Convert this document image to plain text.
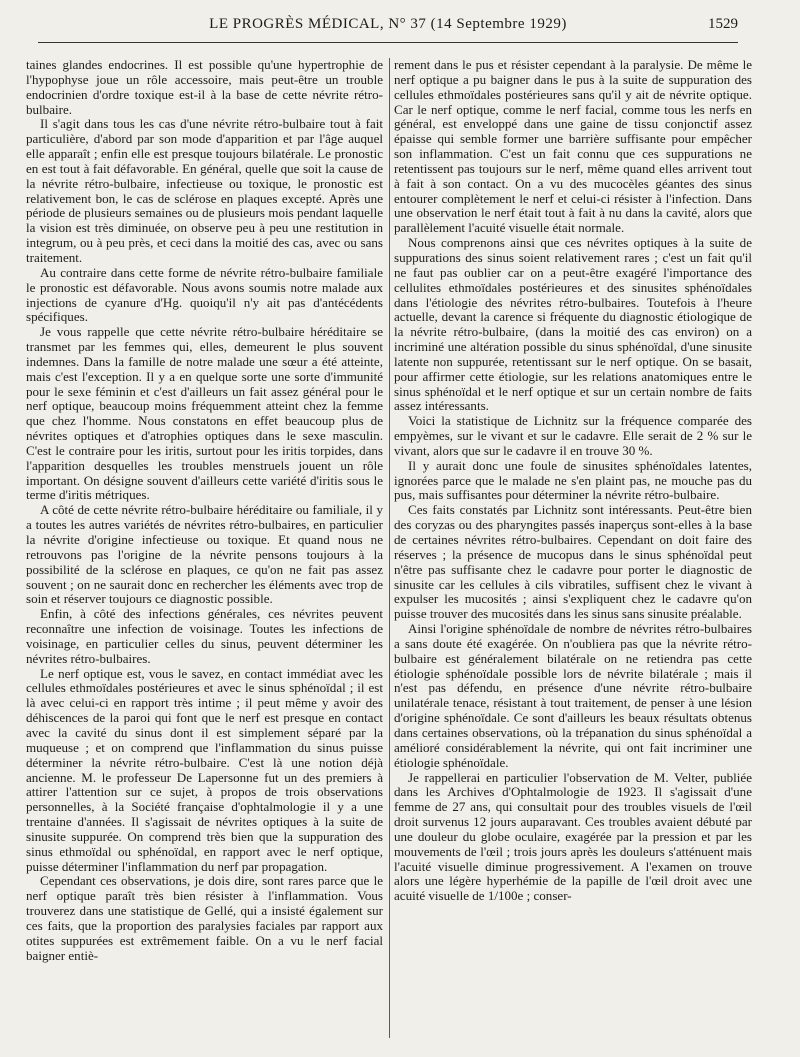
LE PROGRÈS MÉDICAL, N° 37 (14 Septembre 1929)	1529

taines glandes endocrines. Il est possible qu'une hypertrophie de l'hypophyse joue un rôle accessoire, mais peut-être un trouble endocrinien d'ordre toxique est-il à la base de cette névrite rétro-bulbaire.

Il s'agit dans tous les cas d'une névrite rétro-bulbaire tout à fait particulière, d'abord par son mode d'apparition et par l'âge auquel elle apparaît ; enfin elle est presque toujours bilatérale. Le pronostic en est tout à fait défavorable. En général, quelle que soit la cause de la névrite rétro-bulbaire, infectieuse ou toxique, le pronostic est relativement bon, le cas de sclérose en plaques excepté. Après une période de plusieurs semaines ou de plusieurs mois pendant laquelle la vision est très diminuée, on observe peu à peu une restitution in integrum, ou à peu près, et ceci dans la moitié des cas, avec ou sans traitement.

Au contraire dans cette forme de névrite rétro-bulbaire familiale le pronostic est défavorable. Nous avons soumis notre malade aux injections de cyanure d'Hg. quoiqu'il n'y ait pas d'antécédents spécifiques.

Je vous rappelle que cette névrite rétro-bulbaire héréditaire se transmet par les femmes qui, elles, demeurent le plus souvent indemnes. Dans la famille de notre malade une sœur a été atteinte, mais c'est l'exception. Il y a en quelque sorte une sorte d'immunité pour le sexe féminin et c'est d'ailleurs un fait assez général pour le nerf optique, beaucoup moins fréquemment atteint chez la femme que chez l'homme. Nous constatons en effet beaucoup plus de névrites optiques et d'atrophies optiques dans le sexe masculin. C'est le contraire pour les iritis, surtout pour les iritis torpides, dans l'apparition desquelles les troubles menstruels jouent un rôle important. On désigne souvent d'ailleurs cette variété d'iritis sous le terme d'iritis métriques.

A côté de cette névrite rétro-bulbaire héréditaire ou familiale, il y a toutes les autres variétés de névrites rétro-bulbaires, en particulier la névrite d'origine infectieuse ou toxique. Et quand nous ne retrouvons pas l'origine de la névrite pensons toujours à la possibilité de la sclérose en plaques, ce qu'on ne fait pas assez souvent ; on ne saurait donc en rechercher les éléments avec trop de soin et réserver toujours ce diagnostic possible.

Enfin, à côté des infections générales, ces névrites peuvent reconnaître une infection de voisinage. Toutes les infections de voisinage, en particulier celles du sinus, peuvent déterminer les névrites rétro-bulbaires.

Le nerf optique est, vous le savez, en contact immédiat avec les cellules ethmoïdales postérieures et avec le sinus sphénoïdal ; il est là avec celui-ci en rapport très intime ; il peut même y avoir des déhiscences de la paroi qui font que le nerf est presque en contact avec la cavité du sinus dont il est simplement séparé par la muqueuse ; et on comprend que l'inflammation du sinus puisse déterminer la névrite rétro-bulbaire. C'est là une notion déjà ancienne. M. le professeur De Lapersonne fut un des premiers à attirer l'attention sur ce sujet, à propos de trois observations personnelles, à la Société française d'ophtalmologie il y a une trentaine d'années. Il s'agissait de névrites optiques à la suite de sinusite suppurée. On comprend très bien que la suppuration des sinus ethmoïdal ou sphénoïdal, en rapport avec le nerf optique, puisse déterminer l'inflammation du nerf par propagation.

Cependant ces observations, je dois dire, sont rares parce que le nerf optique paraît très bien résister à l'inflammation. Vous trouverez dans une statistique de Gellé, qui a insisté également sur ces faits, que la proportion des paralysies faciales par rapport aux otites suppurées est extrêmement faible. On a vu le nerf facial baigner entiè-

rement dans le pus et résister cependant à la paralysie. De même le nerf optique a pu baigner dans le pus à la suite de suppuration des cellules ethmoïdales postérieures sans qu'il y ait de névrite optique. Car le nerf optique, comme le nerf facial, comme tous les nerfs en général, est enveloppé dans une gaine de tissu conjonctif assez épaisse qui semble former une barrière suffisante pour empêcher son inflammation. C'est un fait connu que ces suppurations ne retentissent pas toujours sur le nerf, même quand elles arrivent tout à fait à son contact. On a vu des mucocèles géantes des sinus entourer complètement le nerf et celui-ci résister à l'infection. Dans une observation le nerf était tout à fait à nu dans la cavité, alors que parallèlement l'acuité visuelle était normale.

Nous comprenons ainsi que ces névrites optiques à la suite de suppurations des sinus soient relativement rares ; c'est un fait qu'il ne faut pas oublier car on a peut-être exagéré l'importance des cellulites ethmoïdales postérieures et des sinusites sphénoïdales dans l'étiologie des névrites rétro-bulbaires. Toutefois à l'heure actuelle, devant la carence si fréquente du diagnostic étiologique de la névrite rétro-bulbaire, (dans la moitié des cas environ) on a incriminé une altération possible du sinus sphénoïdal, d'une sinusite latente non suppurée, retentissant sur le nerf optique. On se basait, pour affirmer cette étiologie, sur les relations anatomiques entre le sinus sphénoïdal et le nerf optique et sur un certain nombre de faits assez intéressants.

Voici la statistique de Lichnitz sur la fréquence comparée des empyèmes, sur le vivant et sur le cadavre. Elle serait de 2 % sur le vivant, alors que sur le cadavre il en trouve 30 %.

Il y aurait donc une foule de sinusites sphénoïdales latentes, ignorées parce que le malade ne s'en plaint pas, ne mouche pas du pus, mais suffisantes pour déterminer la névrite rétro-bulbaire.

Ces faits constatés par Lichnitz sont intéressants. Peut-être bien des coryzas ou des pharyngites passés inaperçus sont-elles à la base de certaines névrites rétro-bulbaires. Cependant on doit faire des réserves ; la présence de mucopus dans le sinus sphénoïdal peut n'être pas suffisante chez le cadavre pour porter le diagnostic de sinusite car les cellules à cils vibratiles, suffisent chez le vivant à expulser les mucosités ; ainsi s'expliquent chez le cadavre qu'on puisse trouver des mucosités dans les sinus sans sinusite préalable.

Ainsi l'origine sphénoïdale de nombre de névrites rétro-bulbaires a sans doute été exagérée. On n'oubliera pas que la névrite rétro-bulbaire est généralement bilatérale on ne retiendra pas cette étiologie sphénoïdale possible lors de névrite bilatérale ; mais il n'est pas défendu, en présence d'une névrite rétro-bulbaire unilatérale tenace, résistant à tout traitement, de penser à une lésion d'origine sphénoïdale. Ce sont d'ailleurs les beaux résultats obtenus dans certaines observations, où la trépanation du sinus sphénoïdal a amélioré considérablement la névrite, qui ont fait incriminer une étiologie sphénoïdale.

Je rappellerai en particulier l'observation de M. Velter, publiée dans les Archives d'Ophtalmologie de 1923. Il s'agissait d'une femme de 27 ans, qui consultait pour des troubles visuels de l'œil droit survenus 12 jours auparavant. Ces troubles avaient débuté par une douleur du globe oculaire, exagérée par la pression et par les mouvements de l'œil ; trois jours après les douleurs s'atténuent mais l'acuité visuelle diminue progressivement. A l'examen on trouve alors une légère hyperhémie de la papille de l'œil droit avec une acuité visuelle de 1/100e ; conser-
